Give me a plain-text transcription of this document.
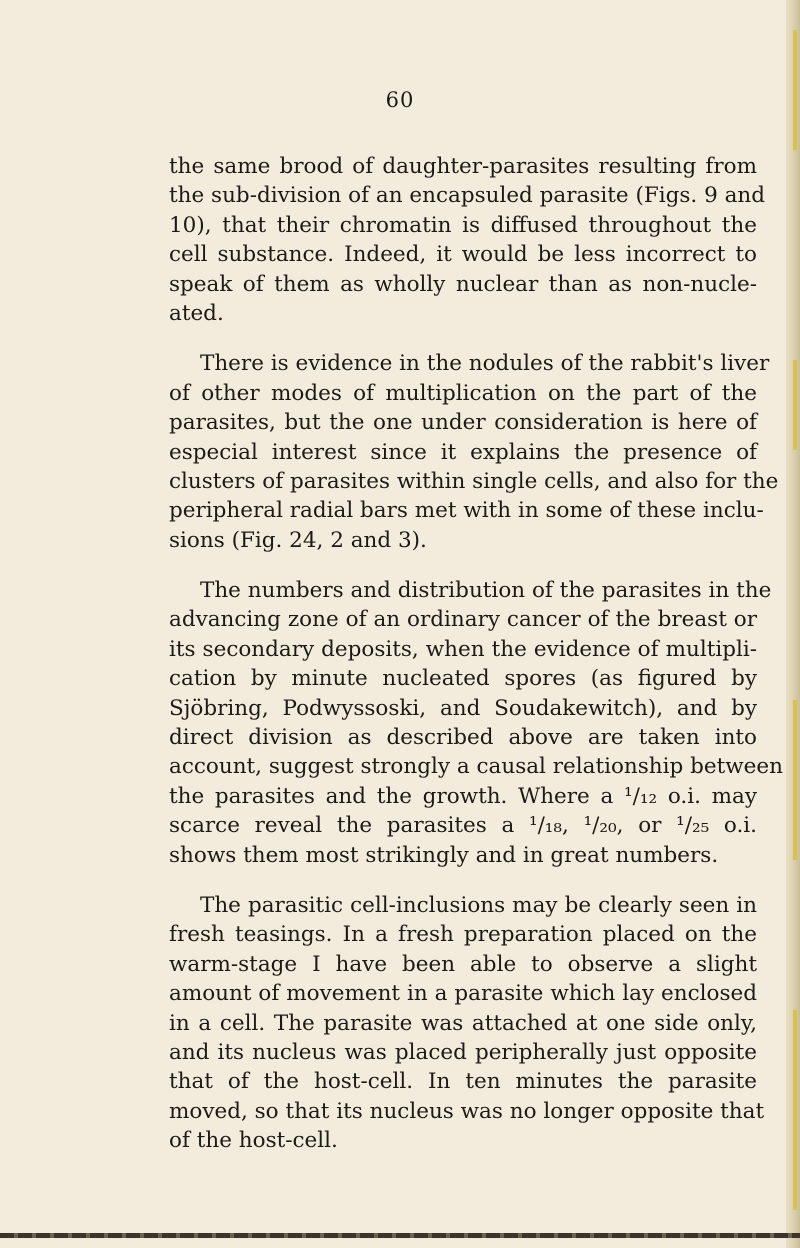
60

the same brood of daughter-parasites resulting from
the sub-division of an encapsuled parasite (Figs. 9 and
10), that their chromatin is diffused throughout the
cell substance. Indeed, it would be less incorrect to
speak of them as wholly nuclear than as non-nucle-
ated.

There is evidence in the nodules of the rabbit's liver
of other modes of multiplication on the part of the
parasites, but the one under consideration is here of
especial interest since it explains the presence of
clusters of parasites within single cells, and also for the
peripheral radial bars met with in some of these inclu-
sions (Fig. 24, 2 and 3).

The numbers and distribution of the parasites in the
advancing zone of an ordinary cancer of the breast or
its secondary deposits, when the evidence of multipli-
cation by minute nucleated spores (as figured by
Sjöbring, Podwyssoski, and Soudakewitch), and by
direct division as described above are taken into
account, suggest strongly a causal relationship between
the parasites and the growth. Where a ¹/₁₂ o.i. may
scarce reveal the parasites a ¹/₁₈, ¹/₂₀, or ¹/₂₅ o.i.
shows them most strikingly and in great numbers.

The parasitic cell-inclusions may be clearly seen in
fresh teasings. In a fresh preparation placed on the
warm-stage I have been able to observe a slight
amount of movement in a parasite which lay enclosed
in a cell. The parasite was attached at one side only,
and its nucleus was placed peripherally just opposite
that of the host-cell. In ten minutes the parasite
moved, so that its nucleus was no longer opposite that
of the host-cell.
